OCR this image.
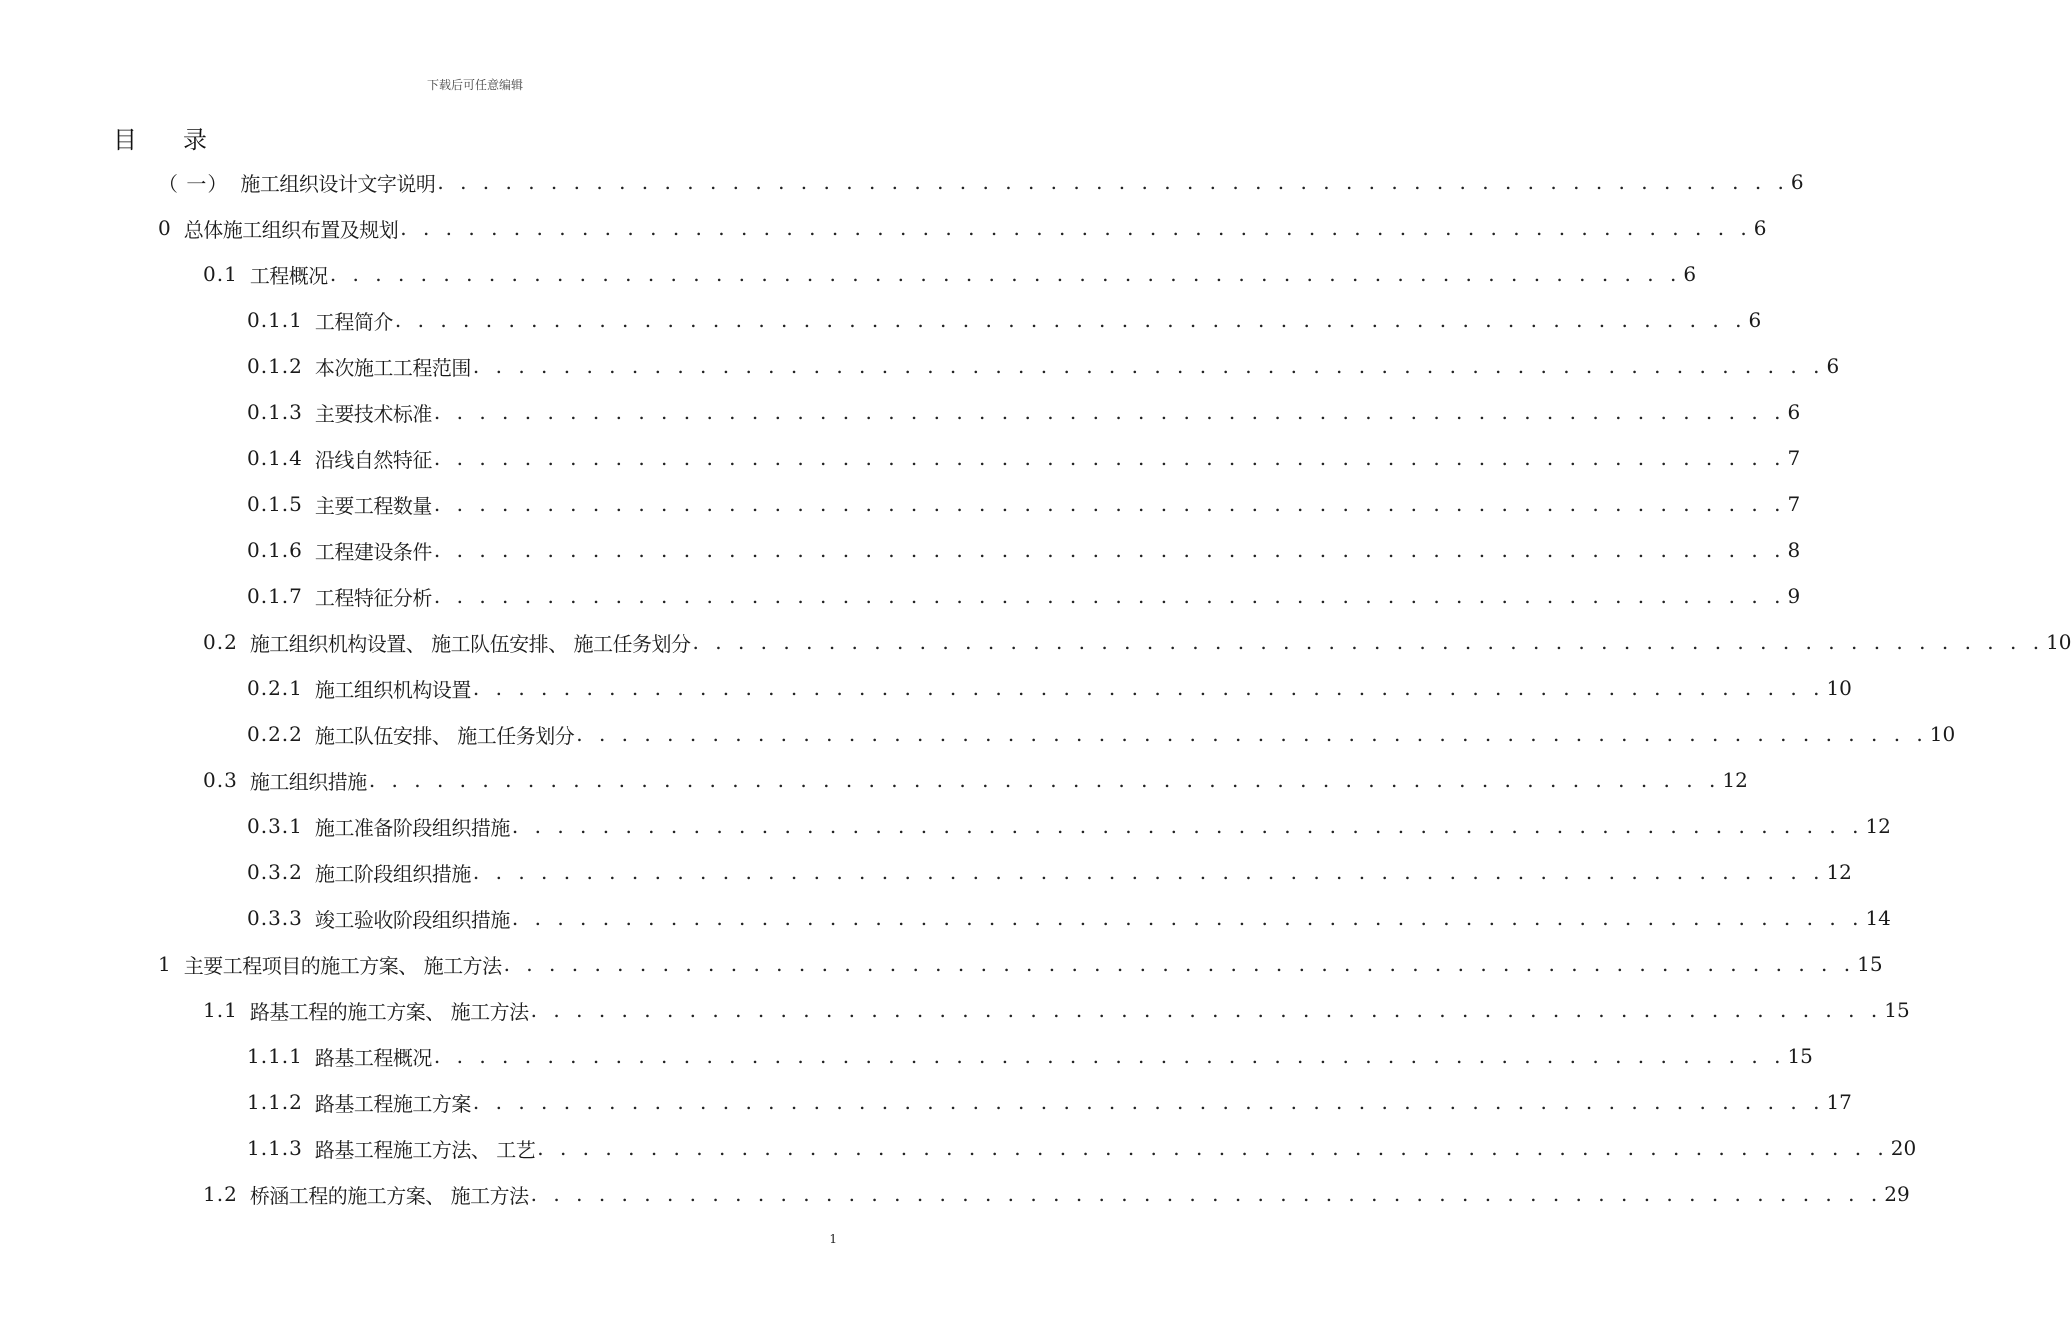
下载后可任意编辑
目 录
（ 一） 施工组织设计文字说明 . . . . . . . . . . . . . . . . . . . . . . . . . . . . . . . . . . . . . . . . . . . . . . . . . . . . . . . . . . . . 6
0 总体施工组织布置及规划 . . . . . . . . . . . . . . . . . . . . . . . . . . . . . . . . . . . . . . . . . . . . . . . . . . . . . . . . . . . . 6
0.1 工程概况 . . . . . . . . . . . . . . . . . . . . . . . . . . . . . . . . . . . . . . . . . . . . . . . . . . . . . . . . . . . . 6
0.1.1 工程简介 . . . . . . . . . . . . . . . . . . . . . . . . . . . . . . . . . . . . . . . . . . . . . . . . . . . . . . . . . . . . 6
0.1.2 本次施工工程范围 . . . . . . . . . . . . . . . . . . . . . . . . . . . . . . . . . . . . . . . . . . . . . . . . . . . . . . . . . . . . 6
0.1.3 主要技术标准 . . . . . . . . . . . . . . . . . . . . . . . . . . . . . . . . . . . . . . . . . . . . . . . . . . . . . . . . . . . . 6
0.1.4 沿线自然特征 . . . . . . . . . . . . . . . . . . . . . . . . . . . . . . . . . . . . . . . . . . . . . . . . . . . . . . . . . . . . 7
0.1.5 主要工程数量 . . . . . . . . . . . . . . . . . . . . . . . . . . . . . . . . . . . . . . . . . . . . . . . . . . . . . . . . . . . . 7
0.1.6 工程建设条件 . . . . . . . . . . . . . . . . . . . . . . . . . . . . . . . . . . . . . . . . . . . . . . . . . . . . . . . . . . . . 8
0.1.7 工程特征分析 . . . . . . . . . . . . . . . . . . . . . . . . . . . . . . . . . . . . . . . . . . . . . . . . . . . . . . . . . . . . 9
0.2 施工组织机构设置、 施工队伍安排、 施工任务划分 . . . . . . . . . . . . . . . . . . . . . . . . . . . . . . . . . . . . . . . . . . . . . . . . . . . . . . . . . . . . 10
0.2.1 施工组织机构设置 . . . . . . . . . . . . . . . . . . . . . . . . . . . . . . . . . . . . . . . . . . . . . . . . . . . . . . . . . . . . 10
0.2.2 施工队伍安排、 施工任务划分 . . . . . . . . . . . . . . . . . . . . . . . . . . . . . . . . . . . . . . . . . . . . . . . . . . . . . . . . . . . . 10
0.3 施工组织措施 . . . . . . . . . . . . . . . . . . . . . . . . . . . . . . . . . . . . . . . . . . . . . . . . . . . . . . . . . . . . 12
0.3.1 施工准备阶段组织措施 . . . . . . . . . . . . . . . . . . . . . . . . . . . . . . . . . . . . . . . . . . . . . . . . . . . . . . . . . . . . 12
0.3.2 施工阶段组织措施 . . . . . . . . . . . . . . . . . . . . . . . . . . . . . . . . . . . . . . . . . . . . . . . . . . . . . . . . . . . . 12
0.3.3 竣工验收阶段组织措施 . . . . . . . . . . . . . . . . . . . . . . . . . . . . . . . . . . . . . . . . . . . . . . . . . . . . . . . . . . . . 14
1 主要工程项目的施工方案、 施工方法 . . . . . . . . . . . . . . . . . . . . . . . . . . . . . . . . . . . . . . . . . . . . . . . . . . . . . . . . . . . . 15
1.1 路基工程的施工方案、 施工方法 . . . . . . . . . . . . . . . . . . . . . . . . . . . . . . . . . . . . . . . . . . . . . . . . . . . . . . . . . . . . 15
1.1.1 路基工程概况 . . . . . . . . . . . . . . . . . . . . . . . . . . . . . . . . . . . . . . . . . . . . . . . . . . . . . . . . . . . . 15
1.1.2 路基工程施工方案 . . . . . . . . . . . . . . . . . . . . . . . . . . . . . . . . . . . . . . . . . . . . . . . . . . . . . . . . . . . . 17
1.1.3 路基工程施工方法、 工艺 . . . . . . . . . . . . . . . . . . . . . . . . . . . . . . . . . . . . . . . . . . . . . . . . . . . . . . . . . . . . 20
1.2 桥涵工程的施工方案、 施工方法 . . . . . . . . . . . . . . . . . . . . . . . . . . . . . . . . . . . . . . . . . . . . . . . . . . . . . . . . . . . . 29
1
